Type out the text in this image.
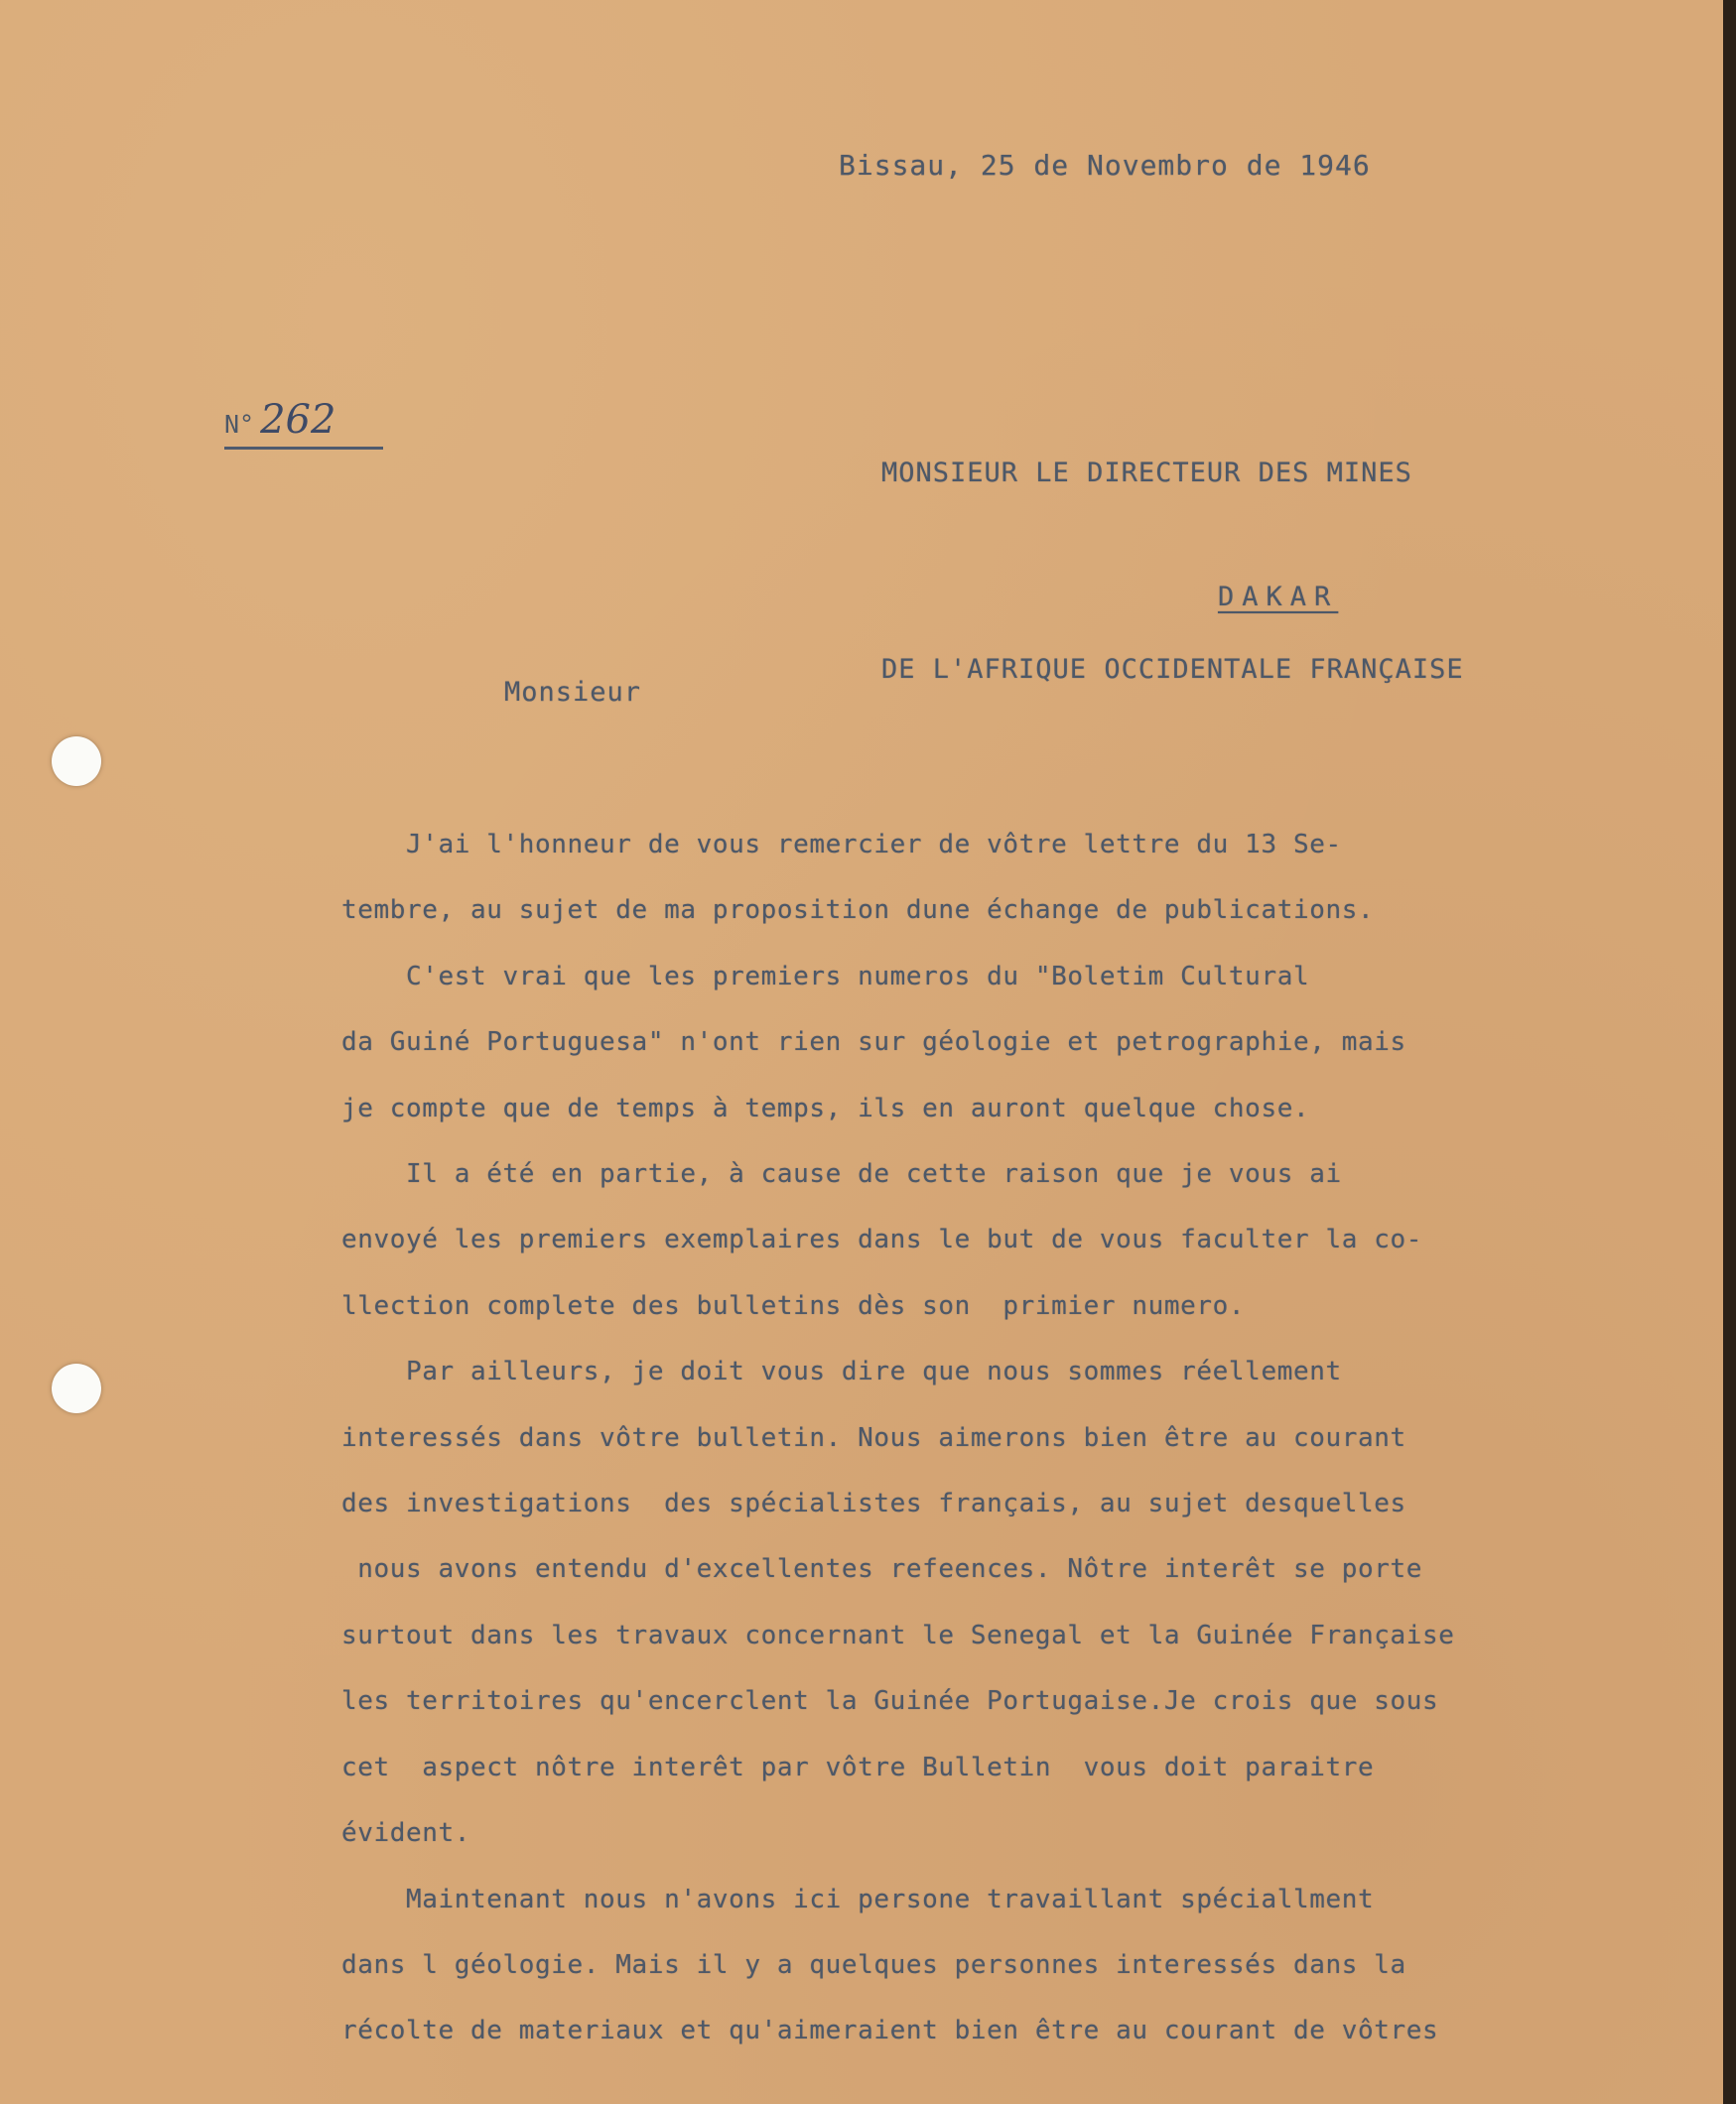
Bissau, 25 de Novembro de 1946

MONSIEUR LE DIRECTEUR DES MINES

DE L'AFRIQUE OCCIDENTALE FRANÇAISE

N° 262
DAKAR
Monsieur
J'ai l'honneur de vous remercier de vôtre lettre du 13 Se-
tembre, au sujet de ma proposition dune échange de publications.
C'est vrai que les premiers numeros du "Boletim Cultural
da Guiné Portuguesa" n'ont rien sur géologie et petrographie, mais
je compte que de temps à temps, ils en auront quelque chose.
Il a été en partie, à cause de cette raison que je vous ai
envoyé les premiers exemplaires dans le but de vous faculter la co-
llection complete des bulletins dès son  primier numero.
Par ailleurs, je doit vous dire que nous sommes réellement
interessés dans vôtre bulletin. Nous aimerons bien être au courant
des investigations  des spécialistes français, au sujet desquelles
nous avons entendu d'excellentes refeences. Nôtre interêt se porte
surtout dans les travaux concernant le Senegal et la Guinée Française
les territoires qu'encerclent la Guinée Portugaise.Je crois que sous
cet  aspect nôtre interêt par vôtre Bulletin  vous doit paraitre
évident.
Maintenant nous n'avons ici persone travaillant spéciallment
dans l géologie. Mais il y a quelques personnes interessés dans la
récolte de materiaux et qu'aimeraient bien être au courant de vôtres
